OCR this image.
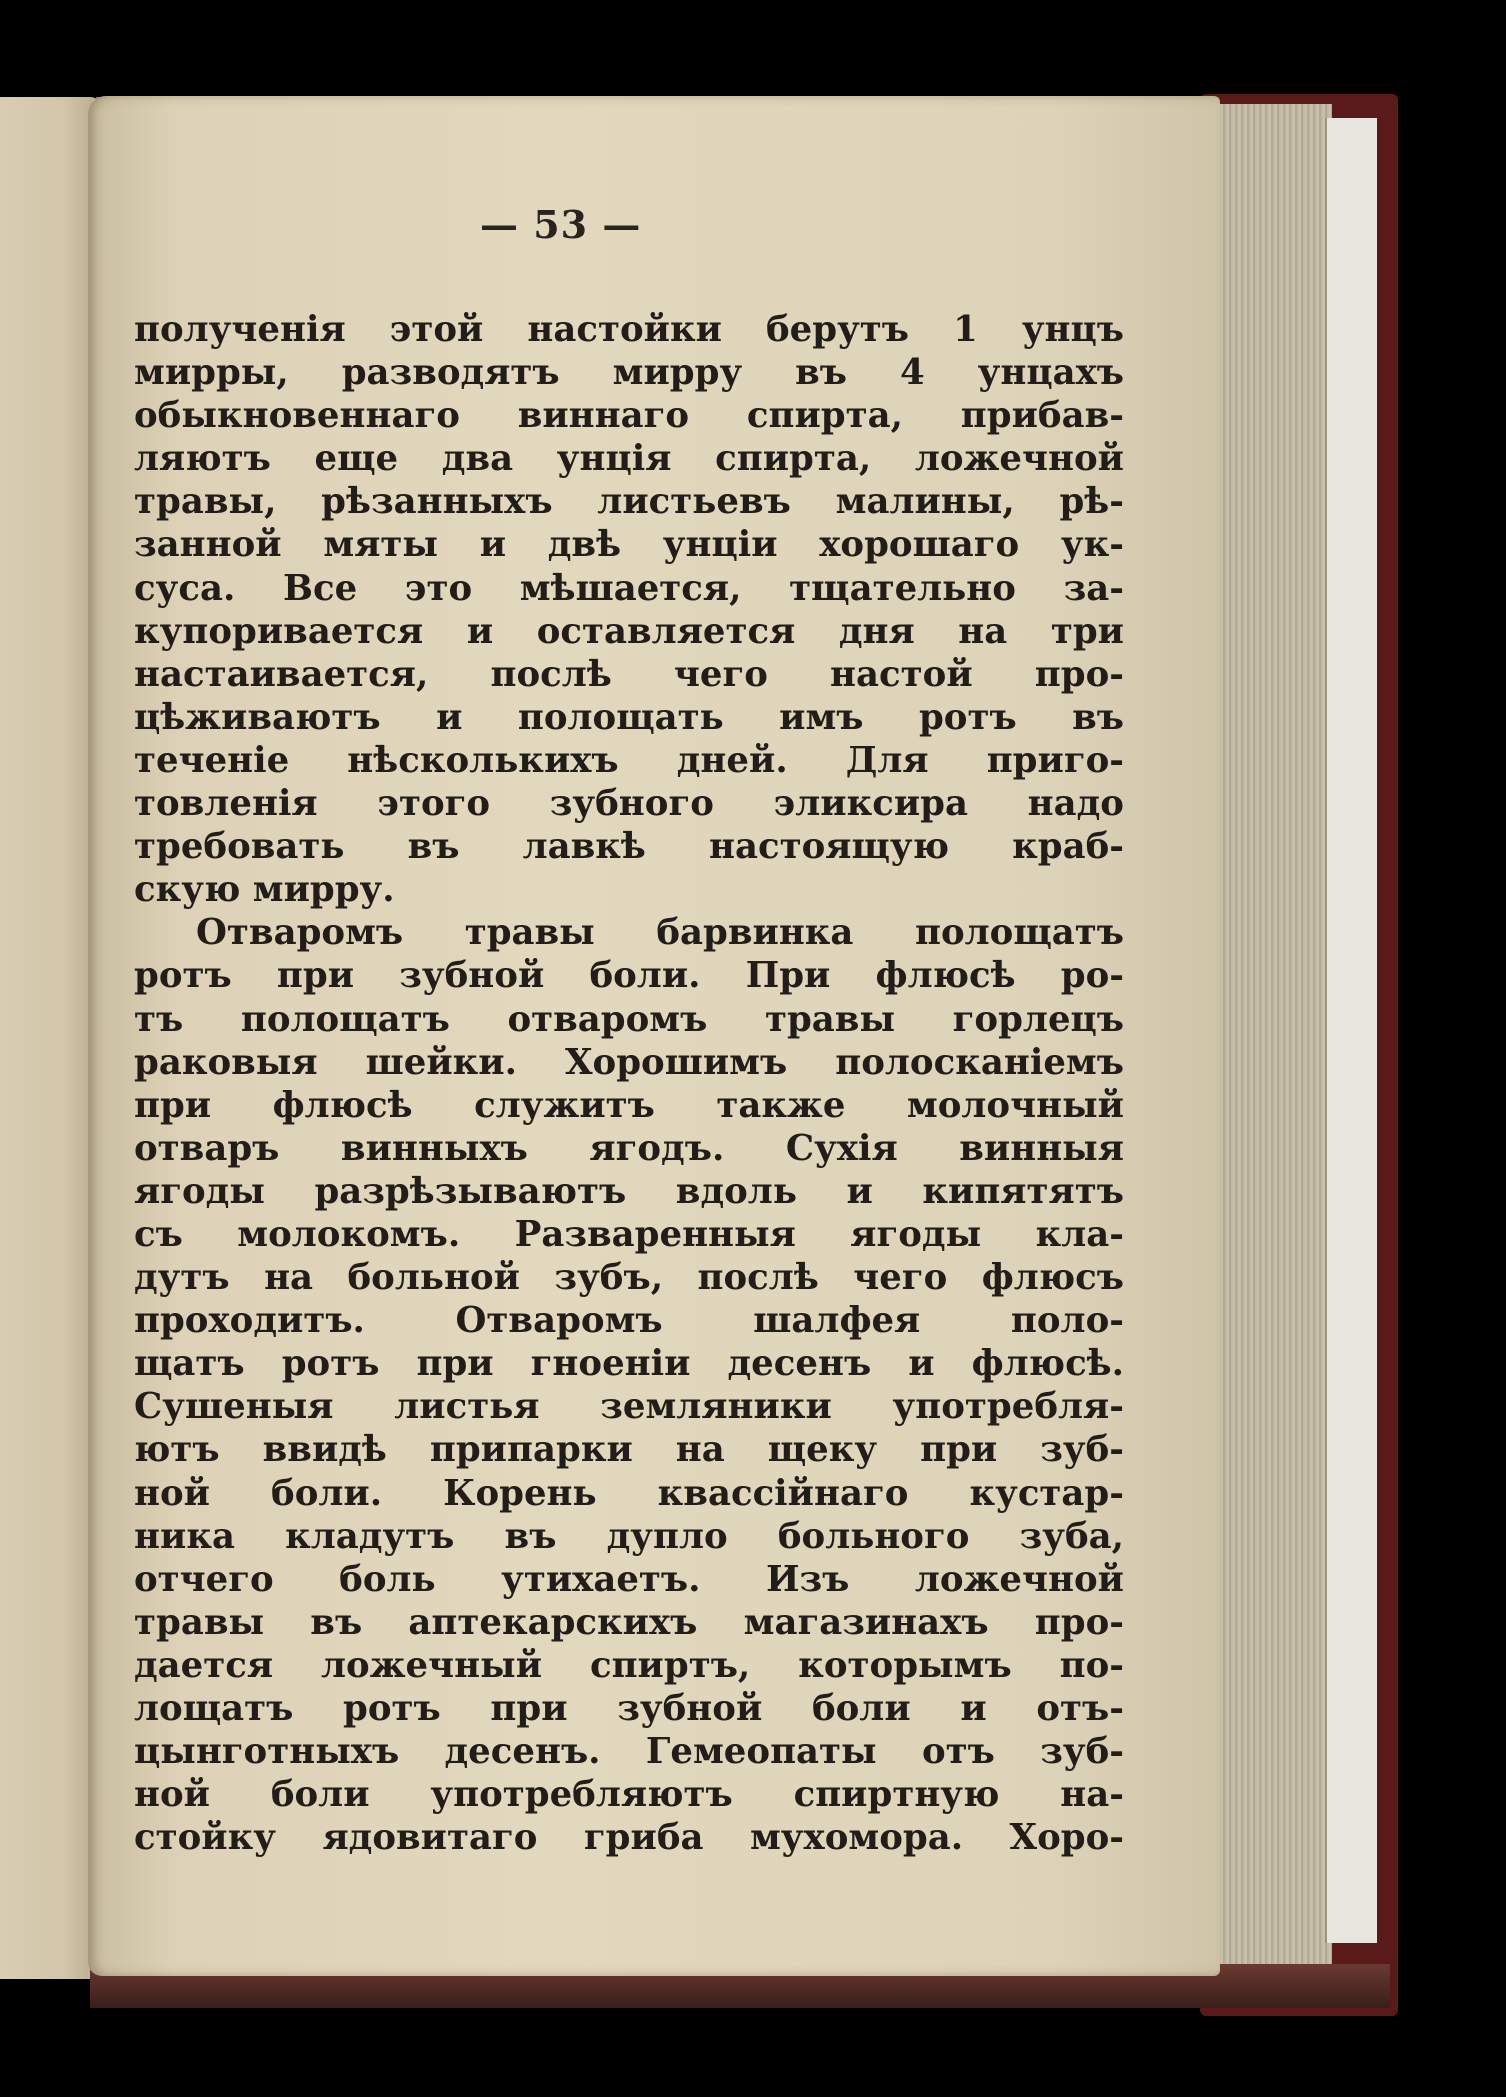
— 53 —
полученія этой настойки берутъ 1 унцъ
мирры, разводятъ мирру въ 4 унцахъ
обыкновеннаго виннаго спирта, прибав-
ляютъ еще два унція спирта, ложечной
травы, рѣзанныхъ листьевъ малины, рѣ-
занной мяты и двѣ унціи хорошаго ук-
суса. Все это мѣшается, тщательно за-
купоривается и оставляется дня на три
настаивается, послѣ чего настой про-
цѣживаютъ и полощать имъ ротъ въ
теченіе нѣсколькихъ дней. Для приго-
товленія этого зубного эликсира надо
требовать въ лавкѣ настоящую краб-
скую мирру.
Отваромъ травы барвинка полощатъ
ротъ при зубной боли. При флюсѣ ро-
тъ полощатъ отваромъ травы горлецъ
раковыя шейки. Хорошимъ полосканіемъ
при флюсѣ служитъ также молочный
отваръ винныхъ ягодъ. Сухія винныя
ягоды разрѣзываютъ вдоль и кипятятъ
съ молокомъ. Разваренныя ягоды кла-
дутъ на больной зубъ, послѣ чего флюсъ
проходитъ. Отваромъ шалфея поло-
щатъ ротъ при гноеніи десенъ и флюсѣ.
Сушеныя листья земляники употребля-
ютъ ввидѣ припарки на щеку при зуб-
ной боли. Корень квассійнаго кустар-
ника кладутъ въ дупло больного зуба,
отчего боль утихаетъ. Изъ ложечной
травы въ аптекарскихъ магазинахъ про-
дается ложечный спиртъ, которымъ по-
лощатъ ротъ при зубной боли и отъ-
цынготныхъ десенъ. Гемеопаты отъ зуб-
ной боли употребляютъ спиртную на-
стойку ядовитаго гриба мухомора. Хоро-
